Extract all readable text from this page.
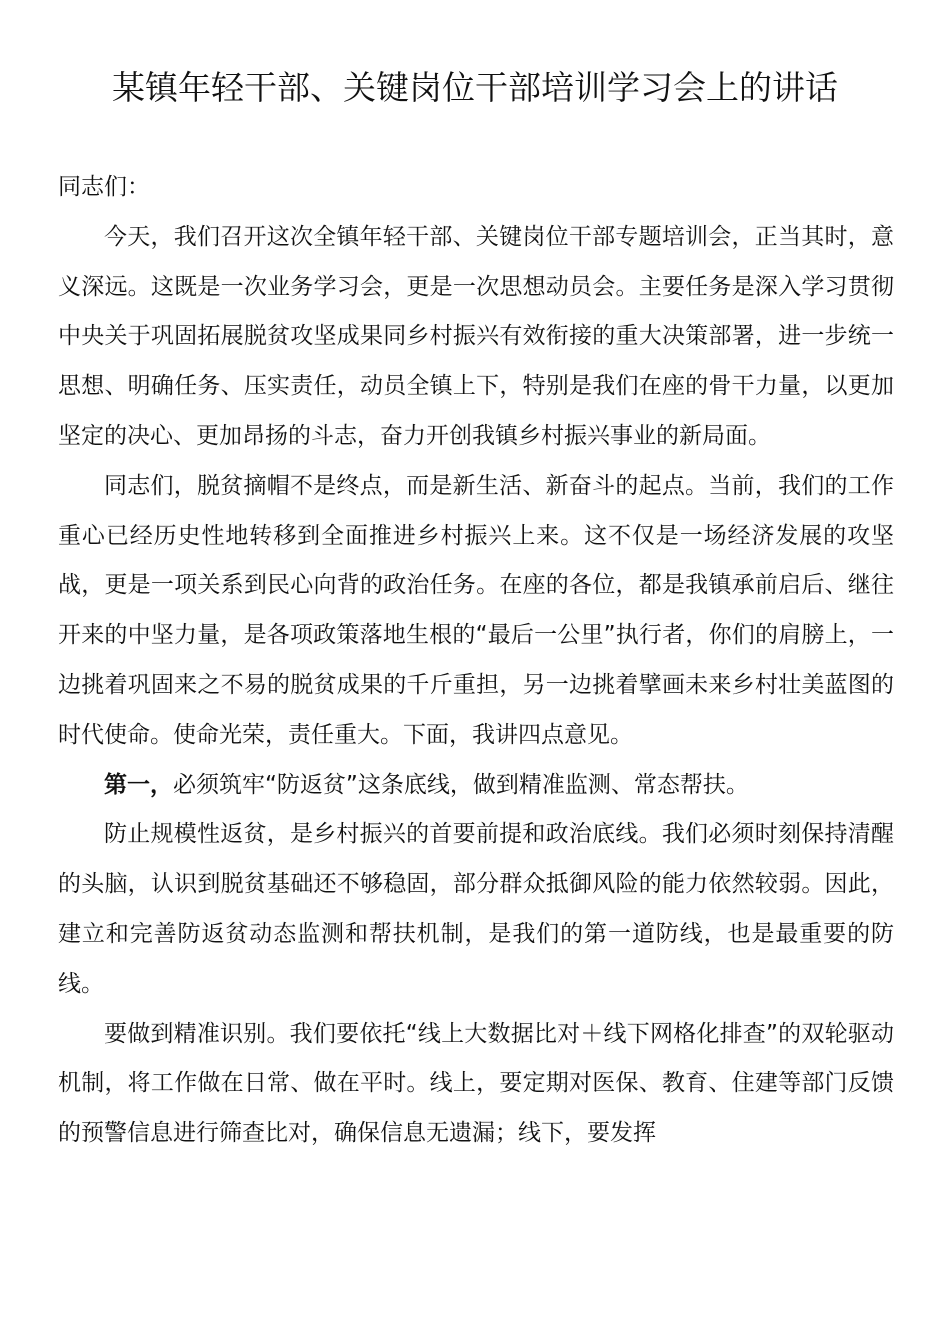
某镇年轻干部、关键岗位干部培训学习会上的讲话

同志们：

今天，我们召开这次全镇年轻干部、关键岗位干部专题培训会，正当其时，意义深远。这既是一次业务学习会，更是一次思想动员会。主要任务是深入学习贯彻中央关于巩固拓展脱贫攻坚成果同乡村振兴有效衔接的重大决策部署，进一步统一思想、明确任务、压实责任，动员全镇上下，特别是我们在座的骨干力量，以更加坚定的决心、更加昂扬的斗志，奋力开创我镇乡村振兴事业的新局面。

同志们，脱贫摘帽不是终点，而是新生活、新奋斗的起点。当前，我们的工作重心已经历史性地转移到全面推进乡村振兴上来。这不仅是一场经济发展的攻坚战，更是一项关系到民心向背的政治任务。在座的各位，都是我镇承前启后、继往开来的中坚力量，是各项政策落地生根的“最后一公里”执行者，你们的肩膀上，一边挑着巩固来之不易的脱贫成果的千斤重担，另一边挑着擘画未来乡村壮美蓝图的时代使命。使命光荣，责任重大。下面，我讲四点意见。

第一，必须筑牢“防返贫”这条底线，做到精准监测、常态帮扶。

防止规模性返贫，是乡村振兴的首要前提和政治底线。我们必须时刻保持清醒的头脑，认识到脱贫基础还不够稳固，部分群众抵御风险的能力依然较弱。因此，建立和完善防返贫动态监测和帮扶机制，是我们的第一道防线，也是最重要的防线。

要做到精准识别。我们要依托“线上大数据比对＋线下网格化排查”的双轮驱动机制，将工作做在日常、做在平时。线上，要定期对医保、教育、住建等部门反馈的预警信息进行筛查比对，确保信息无遗漏；线下，要发挥
